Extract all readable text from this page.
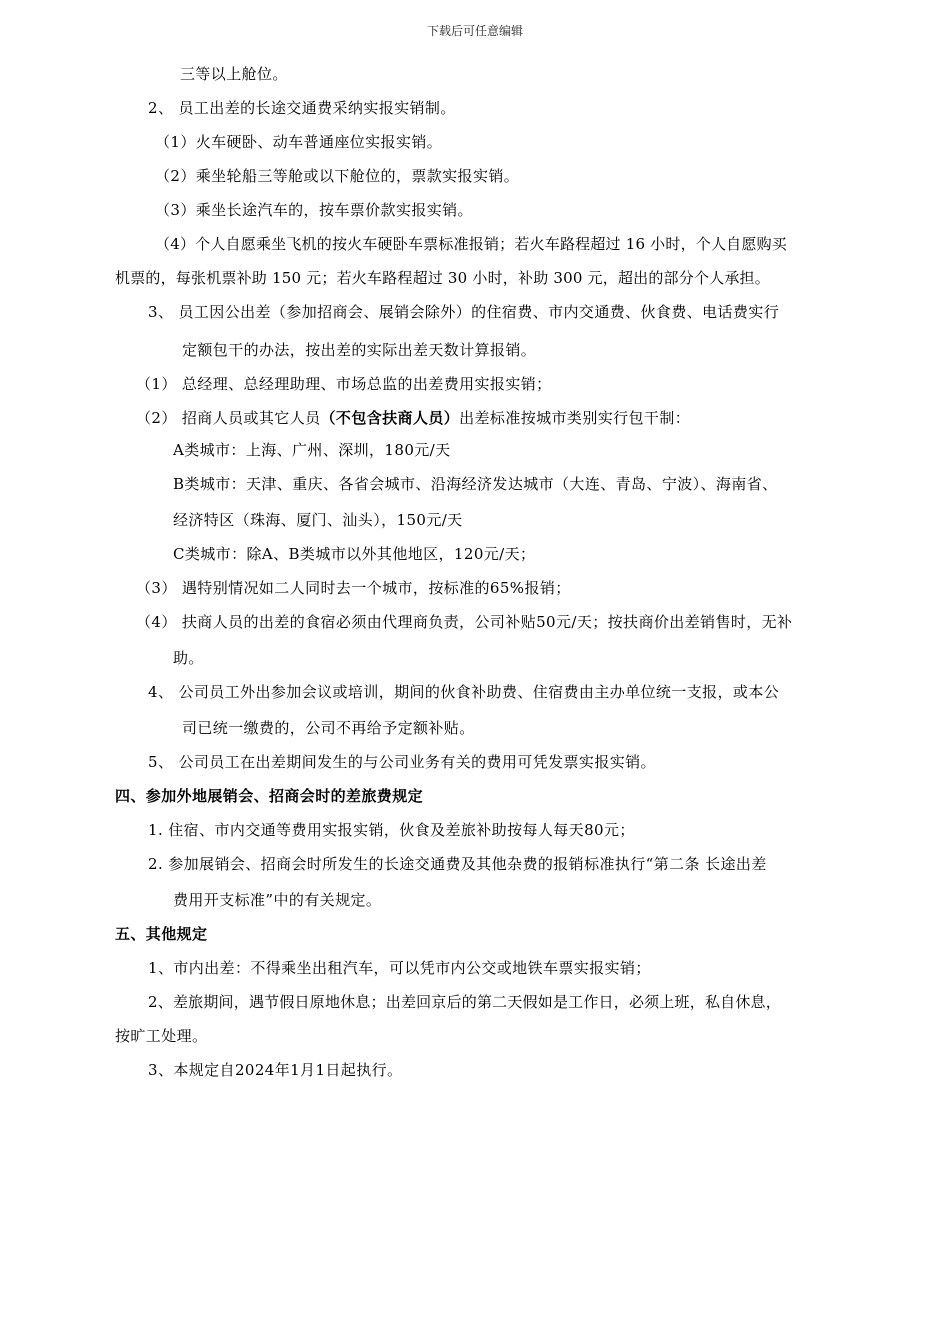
下载后可任意编辑
三等以上舱位。
2、 员工出差的长途交通费采纳实报实销制。
（1）火车硬卧、动车普通座位实报实销。
（2）乘坐轮船三等舱或以下舱位的，票款实报实销。
（3）乘坐长途汽车的，按车票价款实报实销。
（4）个人自愿乘坐飞机的按火车硬卧车票标准报销；若火车路程超过 16 小时，个人自愿购买
机票的，每张机票补助 150 元；若火车路程超过 30 小时，补助 300 元，超出的部分个人承担。
3、 员工因公出差（参加招商会、展销会除外）的住宿费、市内交通费、伙食费、电话费实行
定额包干的办法，按出差的实际出差天数计算报销。
（1） 总经理、总经理助理、市场总监的出差费用实报实销；
（2） 招商人员或其它人员（不包含扶商人员）出差标准按城市类别实行包干制：
A类城市：上海、广州、深圳，180元/天
B类城市：天津、重庆、各省会城市、沿海经济发达城市（大连、青岛、宁波）、海南省、
经济特区（珠海、厦门、汕头），150元/天
C类城市：除A、B类城市以外其他地区，120元/天；
（3） 遇特别情况如二人同时去一个城市，按标准的65%报销；
（4） 扶商人员的出差的食宿必须由代理商负责，公司补贴50元/天；按扶商价出差销售时，无补
助。
4、 公司员工外出参加会议或培训，期间的伙食补助费、住宿费由主办单位统一支报，或本公
司已统一缴费的，公司不再给予定额补贴。
5、 公司员工在出差期间发生的与公司业务有关的费用可凭发票实报实销。
四、参加外地展销会、招商会时的差旅费规定
1. 住宿、市内交通等费用实报实销，伙食及差旅补助按每人每天80元；
2. 参加展销会、招商会时所发生的长途交通费及其他杂费的报销标准执行“第二条 长途出差
费用开支标准”中的有关规定。
五、其他规定
1、市内出差：不得乘坐出租汽车，可以凭市内公交或地铁车票实报实销；
2、差旅期间，遇节假日原地休息；出差回京后的第二天假如是工作日，必须上班，私自休息，
按旷工处理。
3、本规定自2024年1月1日起执行。
